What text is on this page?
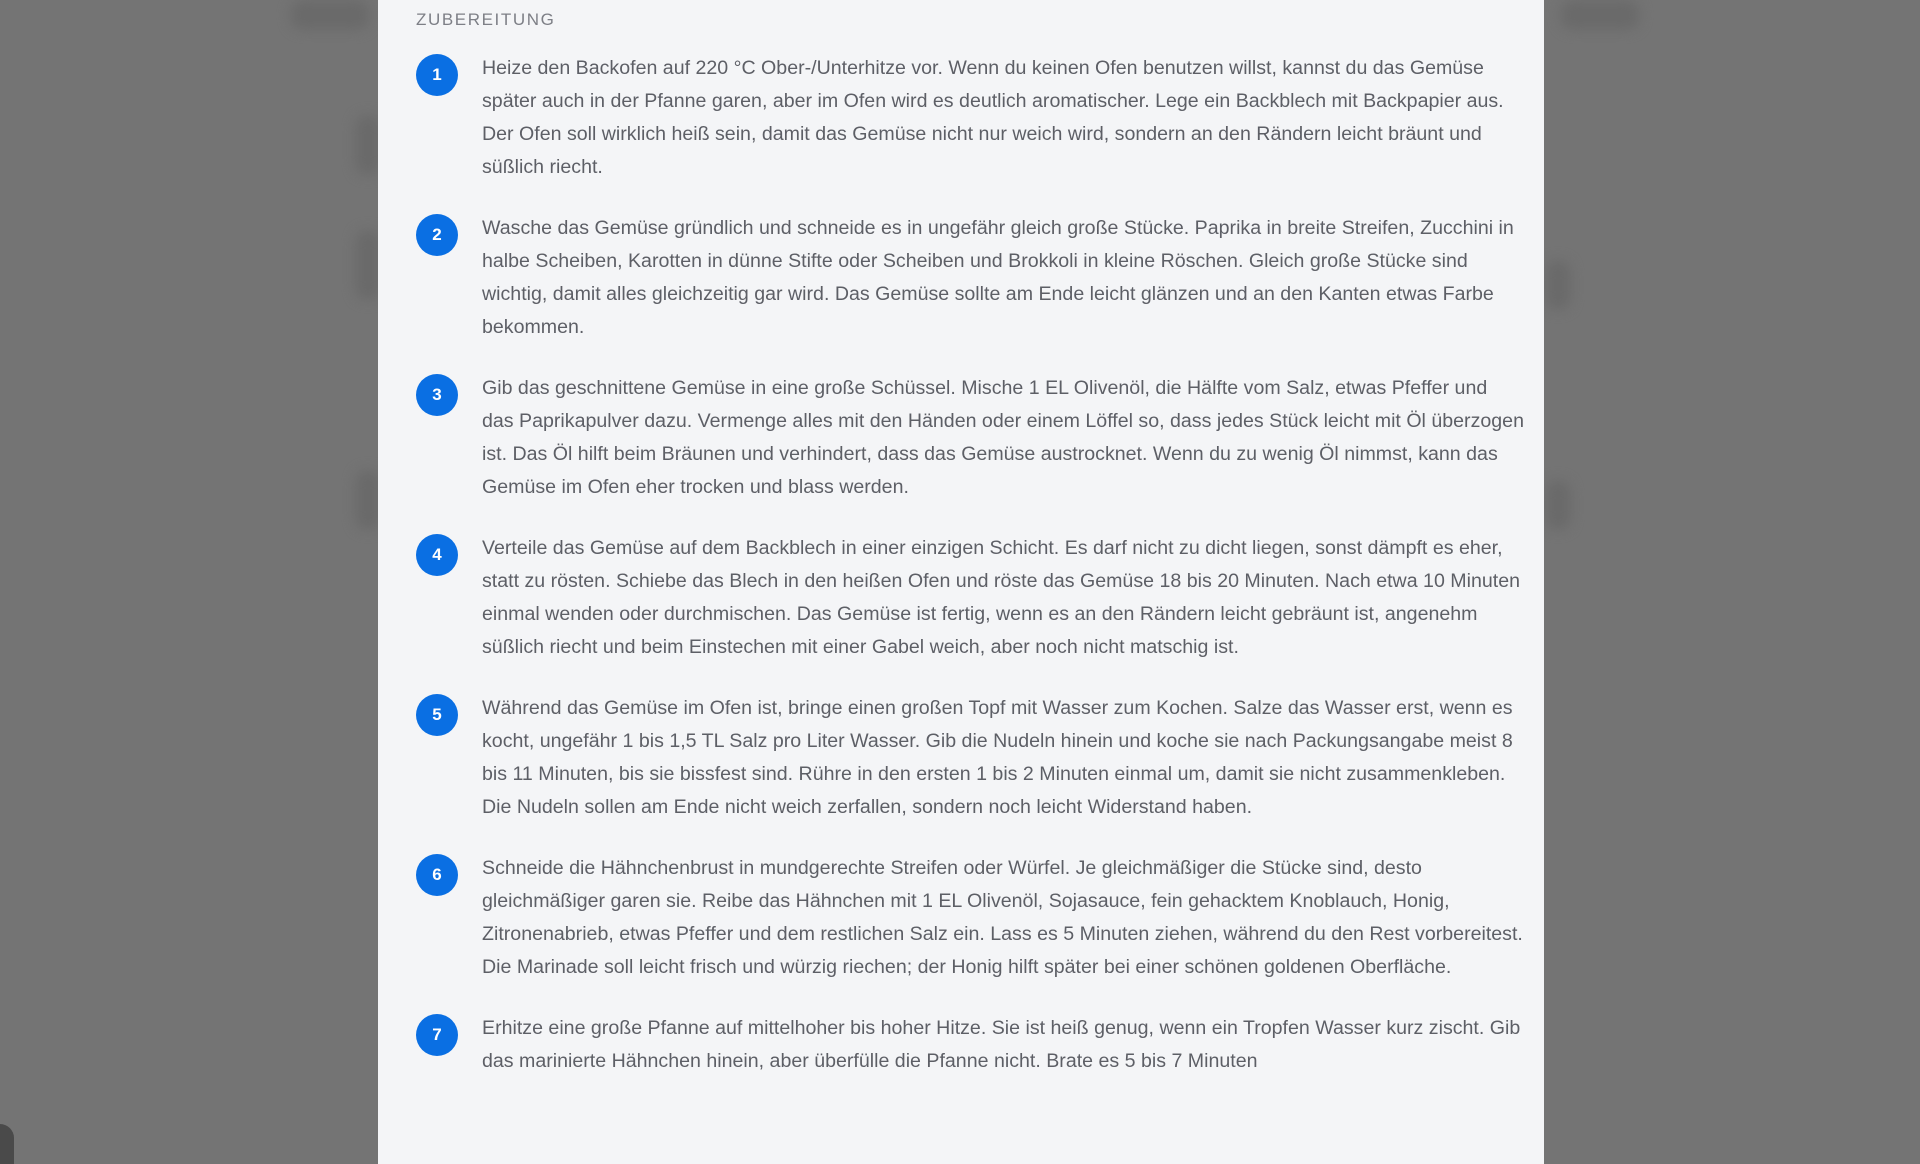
ZUBEREITUNG
1	Heize den Backofen auf 220 °C Ober-/Unterhitze vor. Wenn du keinen Ofen benutzen willst, kannst du das Gemüse später auch in der Pfanne garen, aber im Ofen wird es deutlich aromatischer. Lege ein Backblech mit Backpapier aus. Der Ofen soll wirklich heiß sein, damit das Gemüse nicht nur weich wird, sondern an den Rändern leicht bräunt und süßlich riecht.
2	Wasche das Gemüse gründlich und schneide es in ungefähr gleich große Stücke. Paprika in breite Streifen, Zucchini in halbe Scheiben, Karotten in dünne Stifte oder Scheiben und Brokkoli in kleine Röschen. Gleich große Stücke sind wichtig, damit alles gleichzeitig gar wird. Das Gemüse sollte am Ende leicht glänzen und an den Kanten etwas Farbe bekommen.
3	Gib das geschnittene Gemüse in eine große Schüssel. Mische 1 EL Olivenöl, die Hälfte vom Salz, etwas Pfeffer und das Paprikapulver dazu. Vermenge alles mit den Händen oder einem Löffel so, dass jedes Stück leicht mit Öl überzogen ist. Das Öl hilft beim Bräunen und verhindert, dass das Gemüse austrocknet. Wenn du zu wenig Öl nimmst, kann das Gemüse im Ofen eher trocken und blass werden.
4	Verteile das Gemüse auf dem Backblech in einer einzigen Schicht. Es darf nicht zu dicht liegen, sonst dämpft es eher, statt zu rösten. Schiebe das Blech in den heißen Ofen und röste das Gemüse 18 bis 20 Minuten. Nach etwa 10 Minuten einmal wenden oder durchmischen. Das Gemüse ist fertig, wenn es an den Rändern leicht gebräunt ist, angenehm süßlich riecht und beim Einstechen mit einer Gabel weich, aber noch nicht matschig ist.
5	Während das Gemüse im Ofen ist, bringe einen großen Topf mit Wasser zum Kochen. Salze das Wasser erst, wenn es kocht, ungefähr 1 bis 1,5 TL Salz pro Liter Wasser. Gib die Nudeln hinein und koche sie nach Packungsangabe meist 8 bis 11 Minuten, bis sie bissfest sind. Rühre in den ersten 1 bis 2 Minuten einmal um, damit sie nicht zusammenkleben. Die Nudeln sollen am Ende nicht weich zerfallen, sondern noch leicht Widerstand haben.
6	Schneide die Hähnchenbrust in mundgerechte Streifen oder Würfel. Je gleichmäßiger die Stücke sind, desto gleichmäßiger garen sie. Reibe das Hähnchen mit 1 EL Olivenöl, Sojasauce, fein gehacktem Knoblauch, Honig, Zitronenabrieb, etwas Pfeffer und dem restlichen Salz ein. Lass es 5 Minuten ziehen, während du den Rest vorbereitest. Die Marinade soll leicht frisch und würzig riechen; der Honig hilft später bei einer schönen goldenen Oberfläche.
7	Erhitze eine große Pfanne auf mittelhoher bis hoher Hitze. Sie ist heiß genug, wenn ein Tropfen Wasser kurz zischt. Gib das marinierte Hähnchen hinein, aber überfülle die Pfanne nicht. Brate es 5 bis 7 Minuten
